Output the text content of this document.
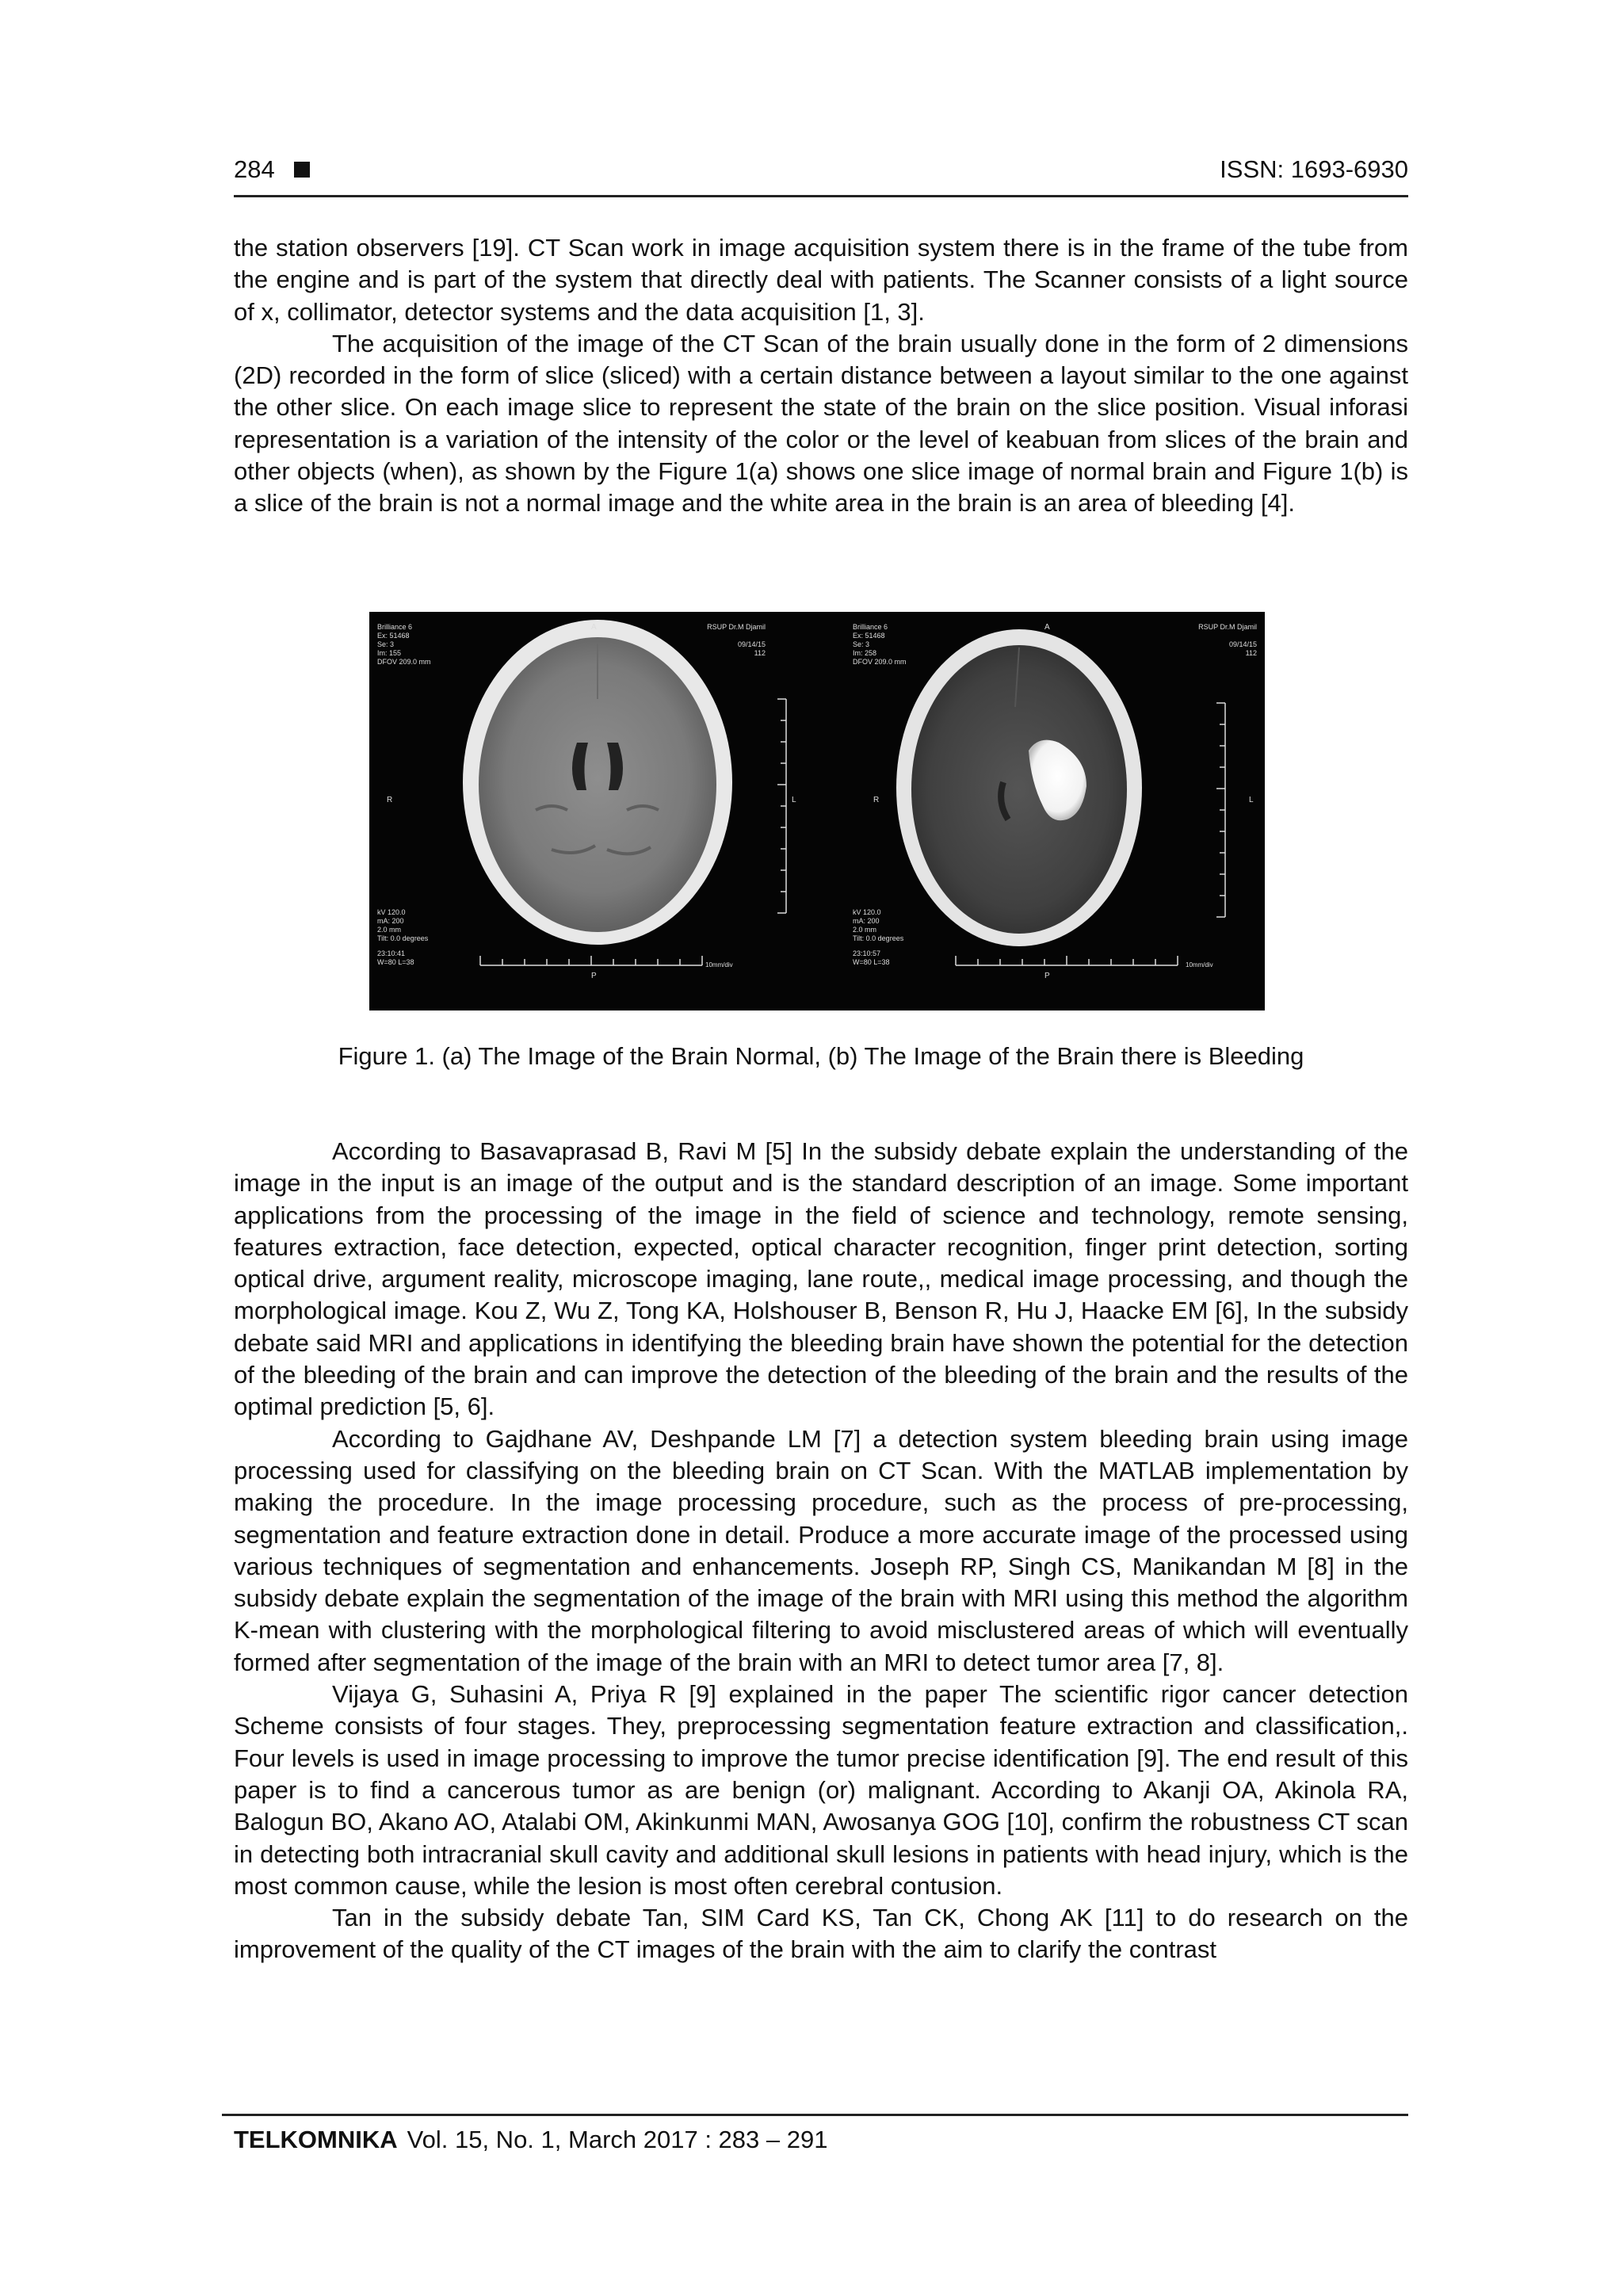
284	ISSN: 1693-6930

the station observers [19]. CT Scan work in image acquisition system there is in the frame of the tube from the engine and is part of the system that directly deal with patients. The Scanner consists of a light source of x, collimator, detector systems and the data acquisition [1, 3].

The acquisition of the image of the CT Scan of the brain usually done in the form of 2 dimensions (2D) recorded in the form of slice (sliced) with a certain distance between a layout similar to the one against the other slice. On each image slice to represent the state of the brain on the slice position. Visual inforasi representation is a variation of the intensity of the color or the level of keabuan from slices of the brain and other objects (when), as shown by the Figure 1(a) shows one slice image of normal brain and Figure 1(b) is a slice of the brain is not a normal image and the white area in the brain is an area of bleeding [4].

Brilliance 6
Ex: 51468
Se: 3
Im: 155
DFOV 209.0 mm
RSUP Dr.M Djamil
09/14/15
112
kV 120.0
mA: 200
2.0 mm
Tilt: 0.0 degrees
23:10:41
W=80 L=38
A
R	L
P
10mm/div
Brilliance 6
Ex: 51468
Se: 3
Im: 258
DFOV 209.0 mm
RSUP Dr.M Djamil
09/14/15
112
kV 120.0
mA: 200
2.0 mm
Tilt: 0.0 degrees
23:10:57
W=80 L=38
A
R	L
P
10mm/div
Figure 1. (a) The Image of the Brain Normal, (b) The Image of the Brain there is Bleeding

According to Basavaprasad B, Ravi M [5] In the subsidy debate explain the understanding of the image in the input is an image of the output and is the standard description of an image. Some important applications from the processing of the image in the field of science and technology, remote sensing, features extraction, face detection, expected, optical character recognition, finger print detection, sorting optical drive, argument reality, microscope imaging, lane route,, medical image processing, and though the morphological image. Kou Z, Wu Z, Tong KA, Holshouser B, Benson R, Hu J, Haacke EM [6], In the subsidy debate said MRI and applications in identifying the bleeding brain have shown the potential for the detection of the bleeding of the brain and can improve the detection of the bleeding of the brain and the results of the optimal prediction [5, 6].

According to Gajdhane AV, Deshpande LM [7] a detection system bleeding brain using image processing used for classifying on the bleeding brain on CT Scan. With the MATLAB implementation by making the procedure. In the image processing procedure, such as the process of pre-processing, segmentation and feature extraction done in detail. Produce a more accurate image of the processed using various techniques of segmentation and enhancements. Joseph RP, Singh CS, Manikandan M [8] in the subsidy debate explain the segmentation of the image of the brain with MRI using this method the algorithm K-mean with clustering with the morphological filtering to avoid misclustered areas of which will eventually formed after segmentation of the image of the brain with an MRI to detect tumor area [7, 8].

Vijaya G, Suhasini A, Priya R [9] explained in the paper The scientific rigor cancer detection Scheme consists of four stages. They, preprocessing segmentation feature extraction and classification,. Four levels is used in image processing to improve the tumor precise identification [9]. The end result of this paper is to find a cancerous tumor as are benign (or) malignant. According to Akanji OA, Akinola RA, Balogun BO, Akano AO, Atalabi OM, Akinkunmi MAN, Awosanya GOG [10], confirm the robustness CT scan in detecting both intracranial skull cavity and additional skull lesions in patients with head injury, which is the most common cause, while the lesion is most often cerebral contusion.

Tan in the subsidy debate Tan, SIM Card KS, Tan CK, Chong AK [11] to do research on the improvement of the quality of the CT images of the brain with the aim to clarify the contrast

TELKOMNIKA Vol. 15, No. 1, March 2017 : 283 – 291
